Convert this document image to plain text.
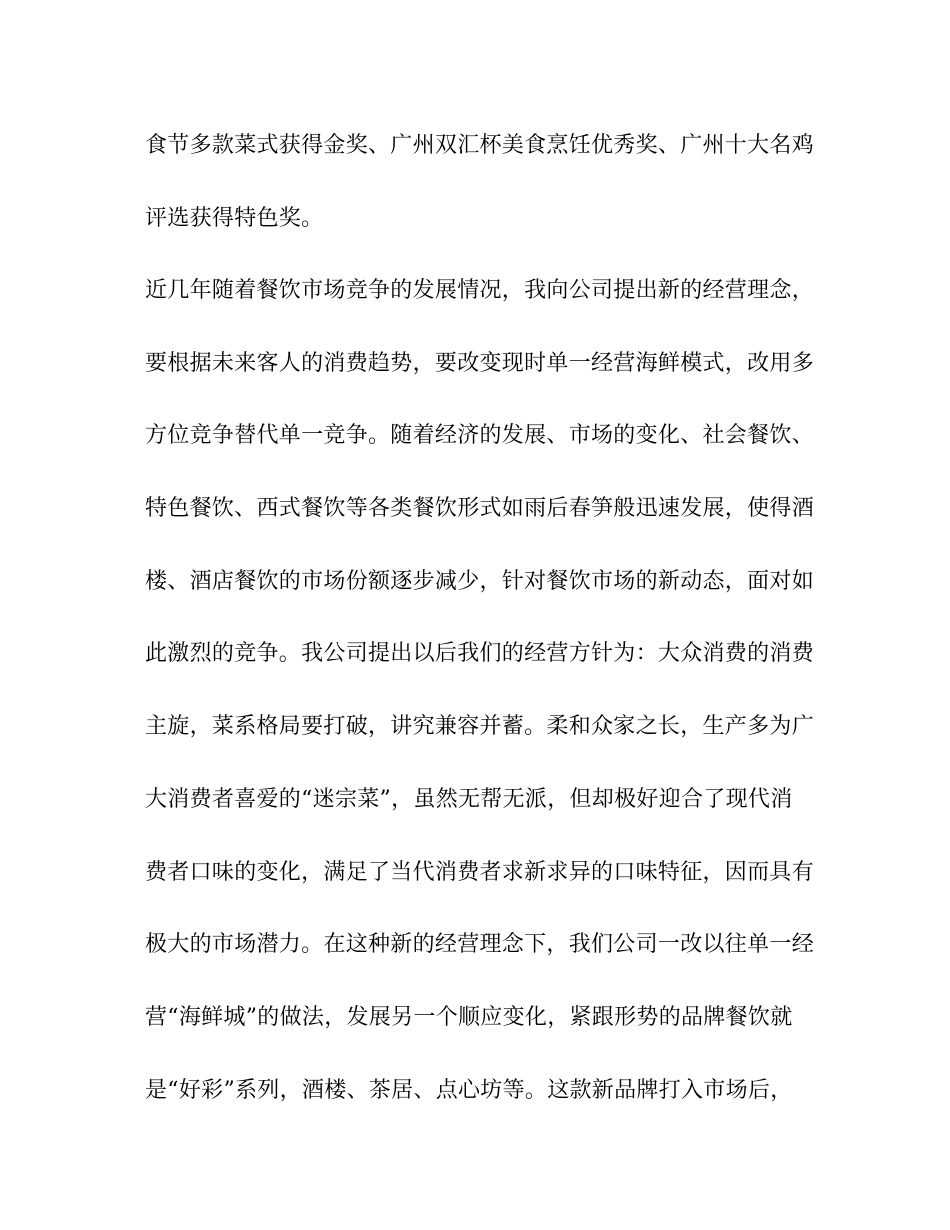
食节多款菜式获得金奖、广州双汇杯美食烹饪优秀奖、广州十大名鸡
评选获得特色奖。
近几年随着餐饮市场竞争的发展情况，我向公司提出新的经营理念，
要根据未来客人的消费趋势，要改变现时单一经营海鲜模式，改用多
方位竞争替代单一竞争。随着经济的发展、市场的变化、社会餐饮、
特色餐饮、西式餐饮等各类餐饮形式如雨后春笋般迅速发展，使得酒
楼、酒店餐饮的市场份额逐步减少，针对餐饮市场的新动态，面对如
此激烈的竞争。我公司提出以后我们的经营方针为：大众消费的消费
主旋，菜系格局要打破，讲究兼容并蓄。柔和众家之长，生产多为广
大消费者喜爱的“迷宗菜”，虽然无帮无派，但却极好迎合了现代消
费者口味的变化，满足了当代消费者求新求异的口味特征，因而具有
极大的市场潜力。在这种新的经营理念下，我们公司一改以往单一经
营“海鲜城”的做法，发展另一个顺应变化，紧跟形势的品牌餐饮就
是“好彩”系列，酒楼、茶居、点心坊等。这款新品牌打入市场后，
